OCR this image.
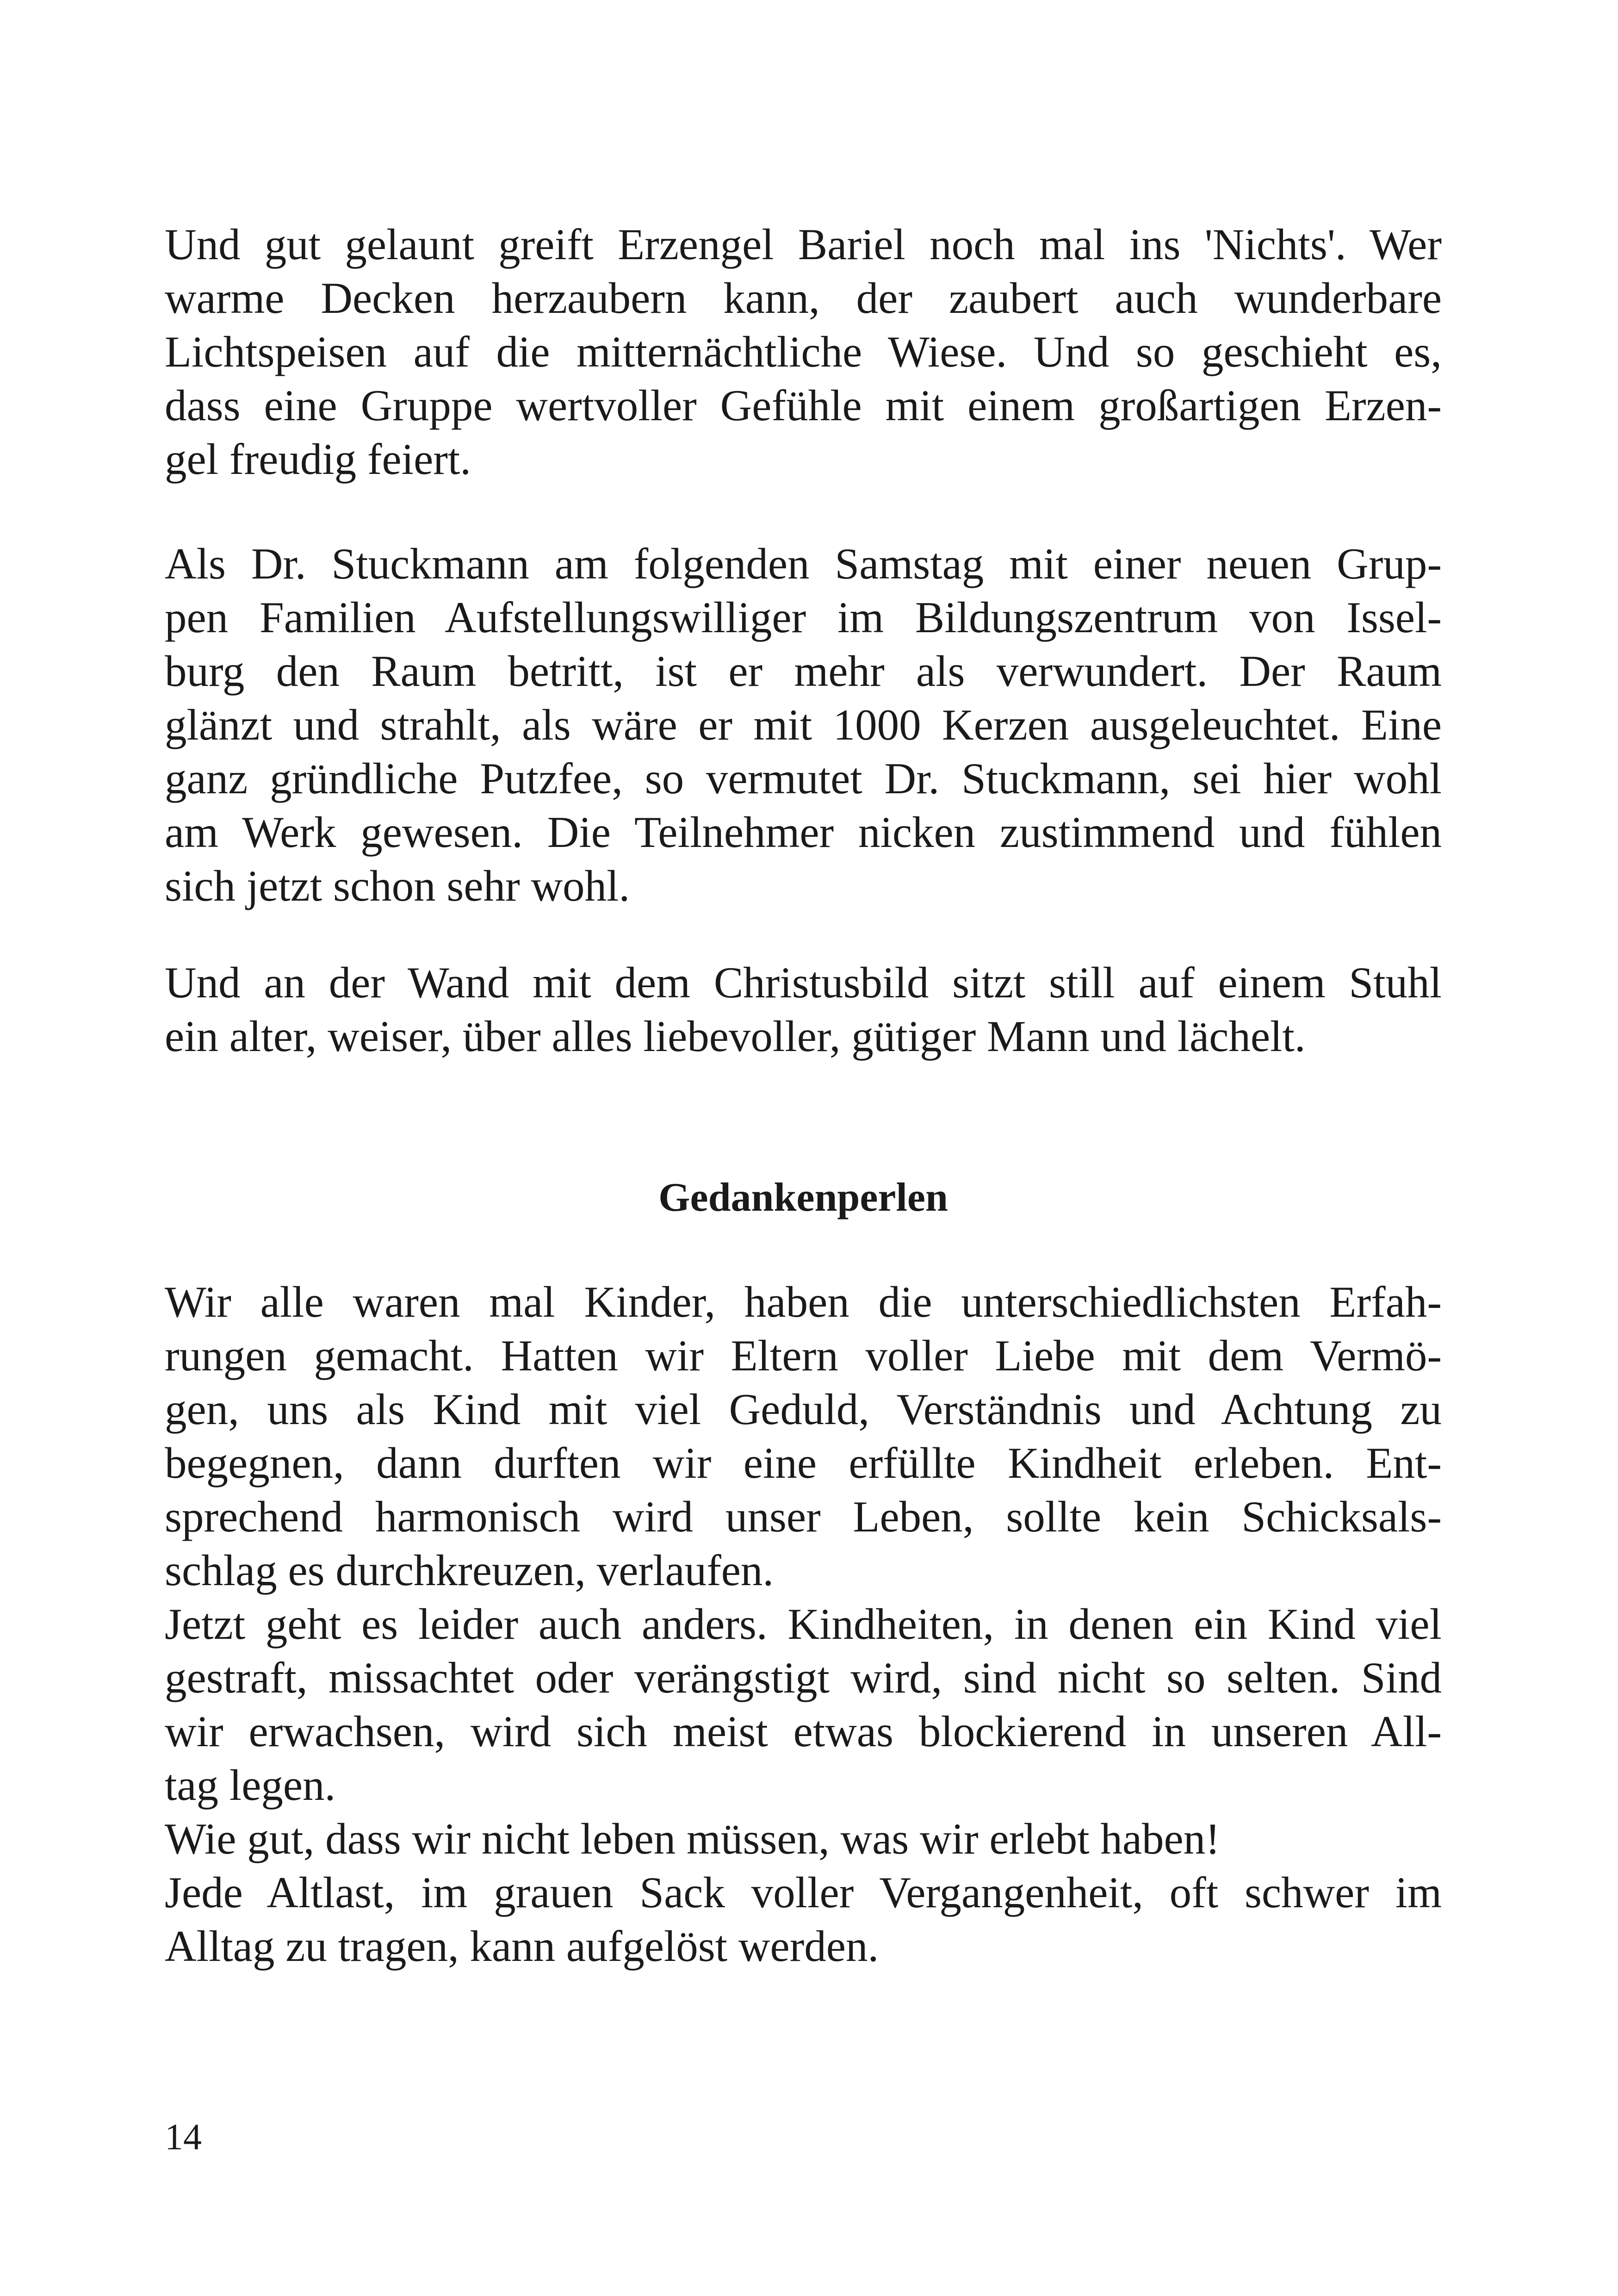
Und gut gelaunt greift Erzengel Bariel noch mal ins 'Nichts'. Wer
warme Decken herzaubern kann, der zaubert auch wunderbare
Lichtspeisen auf die mitternächtliche Wiese. Und so geschieht es,
dass eine Gruppe wertvoller Gefühle mit einem großartigen Erzen-
gel freudig feiert.
Als Dr. Stuckmann am folgenden Samstag mit einer neuen Grup-
pen Familien Aufstellungswilliger im Bildungszentrum von Issel-
burg den Raum betritt, ist er mehr als verwundert. Der Raum
glänzt und strahlt, als wäre er mit 1000 Kerzen ausgeleuchtet. Eine
ganz gründliche Putzfee, so vermutet Dr. Stuckmann, sei hier wohl
am Werk gewesen. Die Teilnehmer nicken zustimmend und fühlen
sich jetzt schon sehr wohl.
Und an der Wand mit dem Christusbild sitzt still auf einem Stuhl
ein alter, weiser, über alles liebevoller, gütiger Mann und lächelt.
Gedankenperlen
Wir alle waren mal Kinder, haben die unterschiedlichsten Erfah-
rungen gemacht. Hatten wir Eltern voller Liebe mit dem Vermö-
gen, uns als Kind mit viel Geduld, Verständnis und Achtung zu
begegnen, dann durften wir eine erfüllte Kindheit erleben. Ent-
sprechend harmonisch wird unser Leben, sollte kein Schicksals-
schlag es durchkreuzen, verlaufen.
Jetzt geht es leider auch anders. Kindheiten, in denen ein Kind viel
gestraft, missachtet oder verängstigt wird, sind nicht so selten. Sind
wir erwachsen, wird sich meist etwas blockierend in unseren All-
tag legen.
Wie gut, dass wir nicht leben müssen, was wir erlebt haben!
Jede Altlast, im grauen Sack voller Vergangenheit, oft schwer im
Alltag zu tragen, kann aufgelöst werden.
14
